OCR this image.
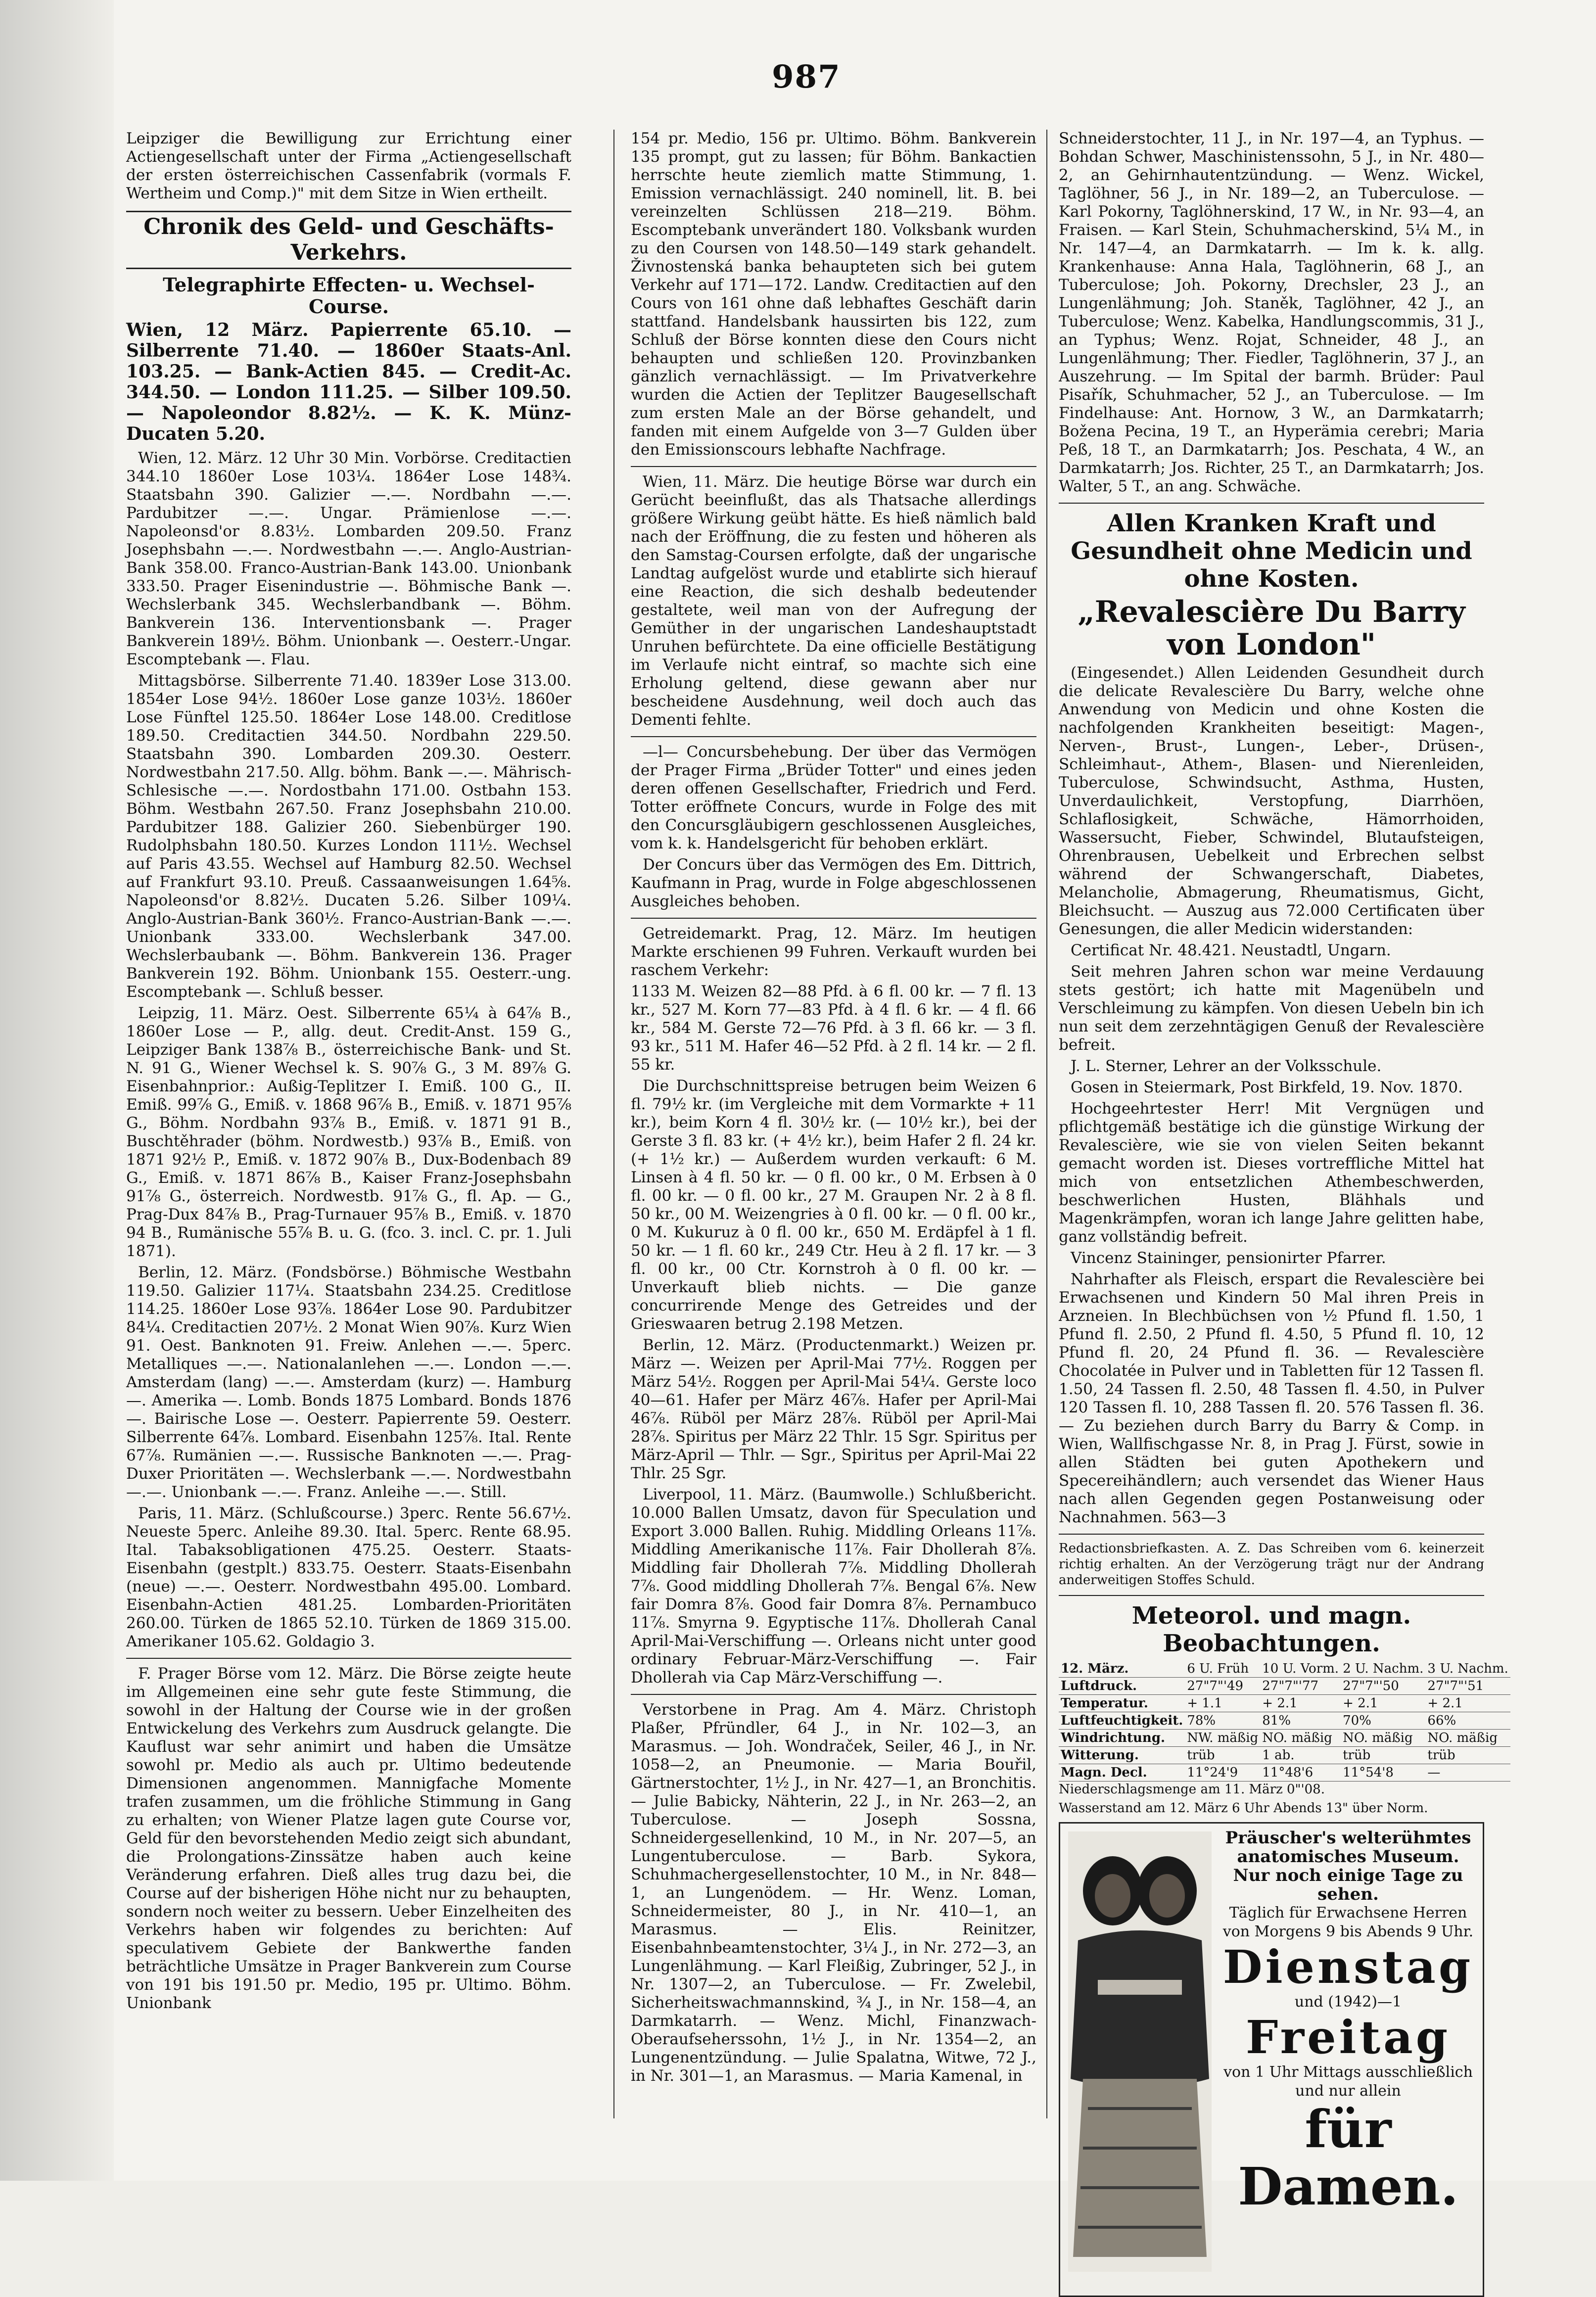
987

Leipziger die Bewilligung zur Errichtung einer Actiengesellschaft unter der Firma „Actiengesellschaft der ersten österreichischen Cassenfabrik (vormals F. Wertheim und Comp.)" mit dem Sitze in Wien ertheilt.

Chronik des Geld- und Geschäfts-Verkehrs.
Telegraphirte Effecten- u. Wechsel-Course.
Wien, 12 März. Papierrente 65.10. — Silberrente 71.40. — 1860er Staats-Anl. 103.25. — Bank-Actien 845. — Credit-Ac. 344.50. — London 111.25. — Silber 109.50. — Napoleondor 8.82½. — K. K. Münz-Ducaten 5.20.

Wien, 12. März. 12 Uhr 30 Min. Vorbörse. Creditactien 344.10 1860er Lose 103¼. 1864er Lose 148¾. Staatsbahn 390. Galizier —.—. Nordbahn —.—. Pardubitzer —.—. Ungar. Prämienlose —.—. Napoleonsd'or 8.83½. Lombarden 209.50. Franz Josephsbahn —.—. Nordwestbahn —.—. Anglo-Austrian-Bank 358.00. Franco-Austrian-Bank 143.00. Unionbank 333.50. Prager Eisenindustrie —. Böhmische Bank —. Wechslerbank 345. Wechslerbandbank —. Böhm. Bankverein 136. Interventionsbank —. Prager Bankverein 189½. Böhm. Unionbank —. Oesterr.-Ungar. Escomptebank —. Flau.

Mittagsbörse. Silberrente 71.40. 1839er Lose 313.00. 1854er Lose 94½. 1860er Lose ganze 103½. 1860er Lose Fünftel 125.50. 1864er Lose 148.00. Creditlose 189.50. Creditactien 344.50. Nordbahn 229.50. Staatsbahn 390. Lombarden 209.30. Oesterr. Nordwestbahn 217.50. Allg. böhm. Bank —.—. Mährisch-Schlesische —.—. Nordostbahn 171.00. Ostbahn 153. Böhm. Westbahn 267.50. Franz Josephsbahn 210.00. Pardubitzer 188. Galizier 260. Siebenbürger 190. Rudolphsbahn 180.50. Kurzes London 111½. Wechsel auf Paris 43.55. Wechsel auf Hamburg 82.50. Wechsel auf Frankfurt 93.10. Preuß. Cassaanweisungen 1.64⅝. Napoleonsd'or 8.82½. Ducaten 5.26. Silber 109¼. Anglo-Austrian-Bank 360½. Franco-Austrian-Bank —.—. Unionbank 333.00. Wechslerbank 347.00. Wechslerbaubank —. Böhm. Bankverein 136. Prager Bankverein 192. Böhm. Unionbank 155. Oesterr.-ung. Escomptebank —. Schluß besser.

Leipzig, 11. März. Oest. Silberrente 65¼ à 64⅞ B., 1860er Lose — P., allg. deut. Credit-Anst. 159 G., Leipziger Bank 138⅞ B., österreichische Bank- und St. N. 91 G., Wiener Wechsel k. S. 90⅞ G., 3 M. 89⅞ G. Eisenbahnprior.: Außig-Teplitzer I. Emiß. 100 G., II. Emiß. 99⅞ G., Emiß. v. 1868 96⅞ B., Emiß. v. 1871 95⅞ G., Böhm. Nordbahn 93⅞ B., Emiß. v. 1871 91 B., Buschtěhrader (böhm. Nordwestb.) 93⅞ B., Emiß. von 1871 92½ P., Emiß. v. 1872 90⅞ B., Dux-Bodenbach 89 G., Emiß. v. 1871 86⅞ B., Kaiser Franz-Josephsbahn 91⅞ G., österreich. Nordwestb. 91⅞ G., fl. Ap. — G., Prag-Dux 84⅞ B., Prag-Turnauer 95⅞ B., Emiß. v. 1870 94 B., Rumänische 55⅞ B. u. G. (fco. 3. incl. C. pr. 1. Juli 1871).

Berlin, 12. März. (Fondsbörse.) Böhmische Westbahn 119.50. Galizier 117¼. Staatsbahn 234.25. Creditlose 114.25. 1860er Lose 93⅞. 1864er Lose 90. Pardubitzer 84¼. Creditactien 207½. 2 Monat Wien 90⅞. Kurz Wien 91. Oest. Banknoten 91. Freiw. Anlehen —.—. 5perc. Metalliques —.—. Nationalanlehen —.—. London —.—. Amsterdam (lang) —.—. Amsterdam (kurz) —. Hamburg —. Amerika —. Lomb. Bonds 1875 Lombard. Bonds 1876 —. Bairische Lose —. Oesterr. Papierrente 59. Oesterr. Silberrente 64⅞. Lombard. Eisenbahn 125⅞. Ital. Rente 67⅞. Rumänien —.—. Russische Banknoten —.—. Prag-Duxer Prioritäten —. Wechslerbank —.—. Nordwestbahn —.—. Unionbank —.—. Franz. Anleihe —.—. Still.

Paris, 11. März. (Schlußcourse.) 3perc. Rente 56.67½. Neueste 5perc. Anleihe 89.30. Ital. 5perc. Rente 68.95. Ital. Tabaksobligationen 475.25. Oesterr. Staats-Eisenbahn (gestplt.) 833.75. Oesterr. Staats-Eisenbahn (neue) —.—. Oesterr. Nordwestbahn 495.00. Lombard. Eisenbahn-Actien 481.25. Lombarden-Prioritäten 260.00. Türken de 1865 52.10. Türken de 1869 315.00. Amerikaner 105.62. Goldagio 3.

F. Prager Börse vom 12. März. Die Börse zeigte heute im Allgemeinen eine sehr gute feste Stimmung, die sowohl in der Haltung der Course wie in der großen Entwickelung des Verkehrs zum Ausdruck gelangte. Die Kauflust war sehr animirt und haben die Umsätze sowohl pr. Medio als auch pr. Ultimo bedeutende Dimensionen angenommen. Mannigfache Momente trafen zusammen, um die fröhliche Stimmung in Gang zu erhalten; von Wiener Platze lagen gute Course vor, Geld für den bevorstehenden Medio zeigt sich abundant, die Prolongations-Zinssätze haben auch keine Veränderung erfahren. Dieß alles trug dazu bei, die Course auf der bisherigen Höhe nicht nur zu behaupten, sondern noch weiter zu bessern. Ueber Einzelheiten des Verkehrs haben wir folgendes zu berichten: Auf speculativem Gebiete der Bankwerthe fanden beträchtliche Umsätze in Prager Bankverein zum Course von 191 bis 191.50 pr. Medio, 195 pr. Ultimo. Böhm. Unionbank

154 pr. Medio, 156 pr. Ultimo. Böhm. Bankverein 135 prompt, gut zu lassen; für Böhm. Bankactien herrschte heute ziemlich matte Stimmung, 1. Emission vernachlässigt. 240 nominell, lit. B. bei vereinzelten Schlüssen 218—219. Böhm. Escomptebank unverändert 180. Volksbank wurden zu den Coursen von 148.50—149 stark gehandelt. Živnostenská banka behaupteten sich bei gutem Verkehr auf 171—172. Landw. Creditactien auf den Cours von 161 ohne daß lebhaftes Geschäft darin stattfand. Handelsbank haussirten bis 122, zum Schluß der Börse konnten diese den Cours nicht behaupten und schließen 120. Provinzbanken gänzlich vernachlässigt. — Im Privatverkehre wurden die Actien der Teplitzer Baugesellschaft zum ersten Male an der Börse gehandelt, und fanden mit einem Aufgelde von 3—7 Gulden über den Emissionscours lebhafte Nachfrage.

Wien, 11. März. Die heutige Börse war durch ein Gerücht beeinflußt, das als Thatsache allerdings größere Wirkung geübt hätte. Es hieß nämlich bald nach der Eröffnung, die zu festen und höheren als den Samstag-Coursen erfolgte, daß der ungarische Landtag aufgelöst wurde und etablirte sich hierauf eine Reaction, die sich deshalb bedeutender gestaltete, weil man von der Aufregung der Gemüther in der ungarischen Landeshauptstadt Unruhen befürchtete. Da eine officielle Bestätigung im Verlaufe nicht eintraf, so machte sich eine Erholung geltend, diese gewann aber nur bescheidene Ausdehnung, weil doch auch das Dementi fehlte.

—l— Concursbehebung. Der über das Vermögen der Prager Firma „Brüder Totter" und eines jeden deren offenen Gesellschafter, Friedrich und Ferd. Totter eröffnete Concurs, wurde in Folge des mit den Concursgläubigern geschlossenen Ausgleiches, vom k. k. Handelsgericht für behoben erklärt.

Der Concurs über das Vermögen des Em. Dittrich, Kaufmann in Prag, wurde in Folge abgeschlossenen Ausgleiches behoben.

Getreidemarkt. Prag, 12. März. Im heutigen Markte erschienen 99 Fuhren. Verkauft wurden bei raschem Verkehr:

1133 M. Weizen 82—88 Pfd. à 6 fl. 00 kr. — 7 fl. 13 kr., 527 M. Korn 77—83 Pfd. à 4 fl. 6 kr. — 4 fl. 66 kr., 584 M. Gerste 72—76 Pfd. à 3 fl. 66 kr. — 3 fl. 93 kr., 511 M. Hafer 46—52 Pfd. à 2 fl. 14 kr. — 2 fl. 55 kr.

Die Durchschnittspreise betrugen beim Weizen 6 fl. 79½ kr. (im Vergleiche mit dem Vormarkte + 11 kr.), beim Korn 4 fl. 30½ kr. (— 10½ kr.), bei der Gerste 3 fl. 83 kr. (+ 4½ kr.), beim Hafer 2 fl. 24 kr. (+ 1½ kr.) — Außerdem wurden verkauft: 6 M. Linsen à 4 fl. 50 kr. — 0 fl. 00 kr., 0 M. Erbsen à 0 fl. 00 kr. — 0 fl. 00 kr., 27 M. Graupen Nr. 2 à 8 fl. 50 kr., 00 M. Weizengries à 0 fl. 00 kr. — 0 fl. 00 kr., 0 M. Kukuruz à 0 fl. 00 kr., 650 M. Erdäpfel à 1 fl. 50 kr. — 1 fl. 60 kr., 249 Ctr. Heu à 2 fl. 17 kr. — 3 fl. 00 kr., 00 Ctr. Kornstroh à 0 fl. 00 kr. — Unverkauft blieb nichts. — Die ganze concurrirende Menge des Getreides und der Grieswaaren betrug 2.198 Metzen.

Berlin, 12. März. (Productenmarkt.) Weizen pr. März —. Weizen per April-Mai 77½. Roggen per März 54½. Roggen per April-Mai 54¼. Gerste loco 40—61. Hafer per März 46⅞. Hafer per April-Mai 46⅞. Rüböl per März 28⅞. Rüböl per April-Mai 28⅞. Spiritus per März 22 Thlr. 15 Sgr. Spiritus per März-April — Thlr. — Sgr., Spiritus per April-Mai 22 Thlr. 25 Sgr.

Liverpool, 11. März. (Baumwolle.) Schlußbericht. 10.000 Ballen Umsatz, davon für Speculation und Export 3.000 Ballen. Ruhig. Middling Orleans 11⅞. Middling Amerikanische 11⅞. Fair Dhollerah 8⅞. Middling fair Dhollerah 7⅞. Middling Dhollerah 7⅞. Good middling Dhollerah 7⅞. Bengal 6⅞. New fair Domra 8⅞. Good fair Domra 8⅞. Pernambuco 11⅞. Smyrna 9. Egyptische 11⅞. Dhollerah Canal April-Mai-Verschiffung —. Orleans nicht unter good ordinary Februar-März-Verschiffung —. Fair Dhollerah via Cap März-Verschiffung —.

Verstorbene in Prag. Am 4. März. Christoph Plaßer, Pfründler, 64 J., in Nr. 102—3, an Marasmus. — Joh. Wondraček, Seiler, 46 J., in Nr. 1058—2, an Pneumonie. — Maria Bouřil, Gärtnerstochter, 1½ J., in Nr. 427—1, an Bronchitis. — Julie Babicky, Nähterin, 22 J., in Nr. 263—2, an Tuberculose. — Joseph Sossna, Schneidergesellenkind, 10 M., in Nr. 207—5, an Lungentuberculose. — Barb. Sykora, Schuhmachergesellenstochter, 10 M., in Nr. 848—1, an Lungenödem. — Hr. Wenz. Loman, Schneidermeister, 80 J., in Nr. 410—1, an Marasmus. — Elis. Reinitzer, Eisenbahnbeamtenstochter, 3¼ J., in Nr. 272—3, an Lungenlähmung. — Karl Fleißig, Zubringer, 52 J., in Nr. 1307—2, an Tuberculose. — Fr. Zwelebil, Sicherheitswachmannskind, ¾ J., in Nr. 158—4, an Darmkatarrh. — Wenz. Michl, Finanzwach-Oberaufseherssohn, 1½ J., in Nr. 1354—2, an Lungenentzündung. — Julie Spalatna, Witwe, 72 J., in Nr. 301—1, an Marasmus. — Maria Kamenal, in

Schneiderstochter, 11 J., in Nr. 197—4, an Typhus. — Bohdan Schwer, Maschinistenssohn, 5 J., in Nr. 480—2, an Gehirnhautentzündung. — Wenz. Wickel, Taglöhner, 56 J., in Nr. 189—2, an Tuberculose. — Karl Pokorny, Taglöhnerskind, 17 W., in Nr. 93—4, an Fraisen. — Karl Stein, Schuhmacherskind, 5¼ M., in Nr. 147—4, an Darmkatarrh. — Im k. k. allg. Krankenhause: Anna Hala, Taglöhnerin, 68 J., an Tuberculose; Joh. Pokorny, Drechsler, 23 J., an Lungenlähmung; Joh. Staněk, Taglöhner, 42 J., an Tuberculose; Wenz. Kabelka, Handlungscommis, 31 J., an Typhus; Wenz. Rojat, Schneider, 48 J., an Lungenlähmung; Ther. Fiedler, Taglöhnerin, 37 J., an Auszehrung. — Im Spital der barmh. Brüder: Paul Pisařík, Schuhmacher, 52 J., an Tuberculose. — Im Findelhause: Ant. Hornow, 3 W., an Darmkatarrh; Božena Pecina, 19 T., an Hyperämia cerebri; Maria Peß, 18 T., an Darmkatarrh; Jos. Peschata, 4 W., an Darmkatarrh; Jos. Richter, 25 T., an Darmkatarrh; Jos. Walter, 5 T., an ang. Schwäche.

Allen Kranken Kraft und Gesundheit ohne Medicin und ohne Kosten.
„Revalescière Du Barry von London"

(Eingesendet.) Allen Leidenden Gesundheit durch die delicate Revalescière Du Barry, welche ohne Anwendung von Medicin und ohne Kosten die nachfolgenden Krankheiten beseitigt: Magen-, Nerven-, Brust-, Lungen-, Leber-, Drüsen-, Schleimhaut-, Athem-, Blasen- und Nierenleiden, Tuberculose, Schwindsucht, Asthma, Husten, Unverdaulichkeit, Verstopfung, Diarrhöen, Schlaflosigkeit, Schwäche, Hämorrhoiden, Wassersucht, Fieber, Schwindel, Blutaufsteigen, Ohrenbrausen, Uebelkeit und Erbrechen selbst während der Schwangerschaft, Diabetes, Melancholie, Abmagerung, Rheumatismus, Gicht, Bleichsucht. — Auszug aus 72.000 Certificaten über Genesungen, die aller Medicin widerstanden:

Certificat Nr. 48.421. Neustadtl, Ungarn.

Seit mehren Jahren schon war meine Verdauung stets gestört; ich hatte mit Magenübeln und Verschleimung zu kämpfen. Von diesen Uebeln bin ich nun seit dem zerzehntägigen Genuß der Revalescière befreit.

J. L. Sterner, Lehrer an der Volksschule.

Gosen in Steiermark, Post Birkfeld, 19. Nov. 1870.

Hochgeehrtester Herr! Mit Vergnügen und pflichtgemäß bestätige ich die günstige Wirkung der Revalescière, wie sie von vielen Seiten bekannt gemacht worden ist. Dieses vortreffliche Mittel hat mich von entsetzlichen Athembeschwerden, beschwerlichen Husten, Blähhals und Magenkrämpfen, woran ich lange Jahre gelitten habe, ganz vollständig befreit.

Vincenz Staininger, pensionirter Pfarrer.

Nahrhafter als Fleisch, erspart die Revalescière bei Erwachsenen und Kindern 50 Mal ihren Preis in Arzneien. In Blechbüchsen von ½ Pfund fl. 1.50, 1 Pfund fl. 2.50, 2 Pfund fl. 4.50, 5 Pfund fl. 10, 12 Pfund fl. 20, 24 Pfund fl. 36. — Revalescière Chocolatée in Pulver und in Tabletten für 12 Tassen fl. 1.50, 24 Tassen fl. 2.50, 48 Tassen fl. 4.50, in Pulver 120 Tassen fl. 10, 288 Tassen fl. 20. 576 Tassen fl. 36. — Zu beziehen durch Barry du Barry & Comp. in Wien, Wallfischgasse Nr. 8, in Prag J. Fürst, sowie in allen Städten bei guten Apothekern und Specereihändlern; auch versendet das Wiener Haus nach allen Gegenden gegen Postanweisung oder Nachnahmen. 563—3

Redactionsbriefkasten. A. Z. Das Schreiben vom 6. keinerzeit richtig erhalten. An der Verzögerung trägt nur der Andrang anderweitigen Stoffes Schuld.

Meteorol. und magn. Beobachtungen.
12. März.	6 U. Früh	10 U. Vorm.	2 U. Nachm.	3 U. Nachm.
Luftdruck.	27"7"'49	27"7"'77	27"7"'50	27"7"'51
Temperatur.	+ 1.1	+ 2.1	+ 2.1	+ 2.1
Luftfeuchtigkeit.	78%	81%	70%	66%
Windrichtung.	NW. mäßig	NO. mäßig	NO. mäßig	NO. mäßig
Witterung.	trüb	1 ab.	trüb	trüb
Magn. Decl.	11°24'9	11°48'6	11°54'8	—

Niederschlagsmenge am 11. März 0"'08.

Wasserstand am 12. März 6 Uhr Abends 13" über Norm.

Präuscher's welterühmtes anatomisches Museum.
Nur noch einige Tage zu sehen.
Täglich für Erwachsene Herren von Morgens 9 bis Abends 9 Uhr.
Dienstag
und (1942)—1
Freitag
von 1 Uhr Mittags ausschließlich und nur allein
für Damen.
